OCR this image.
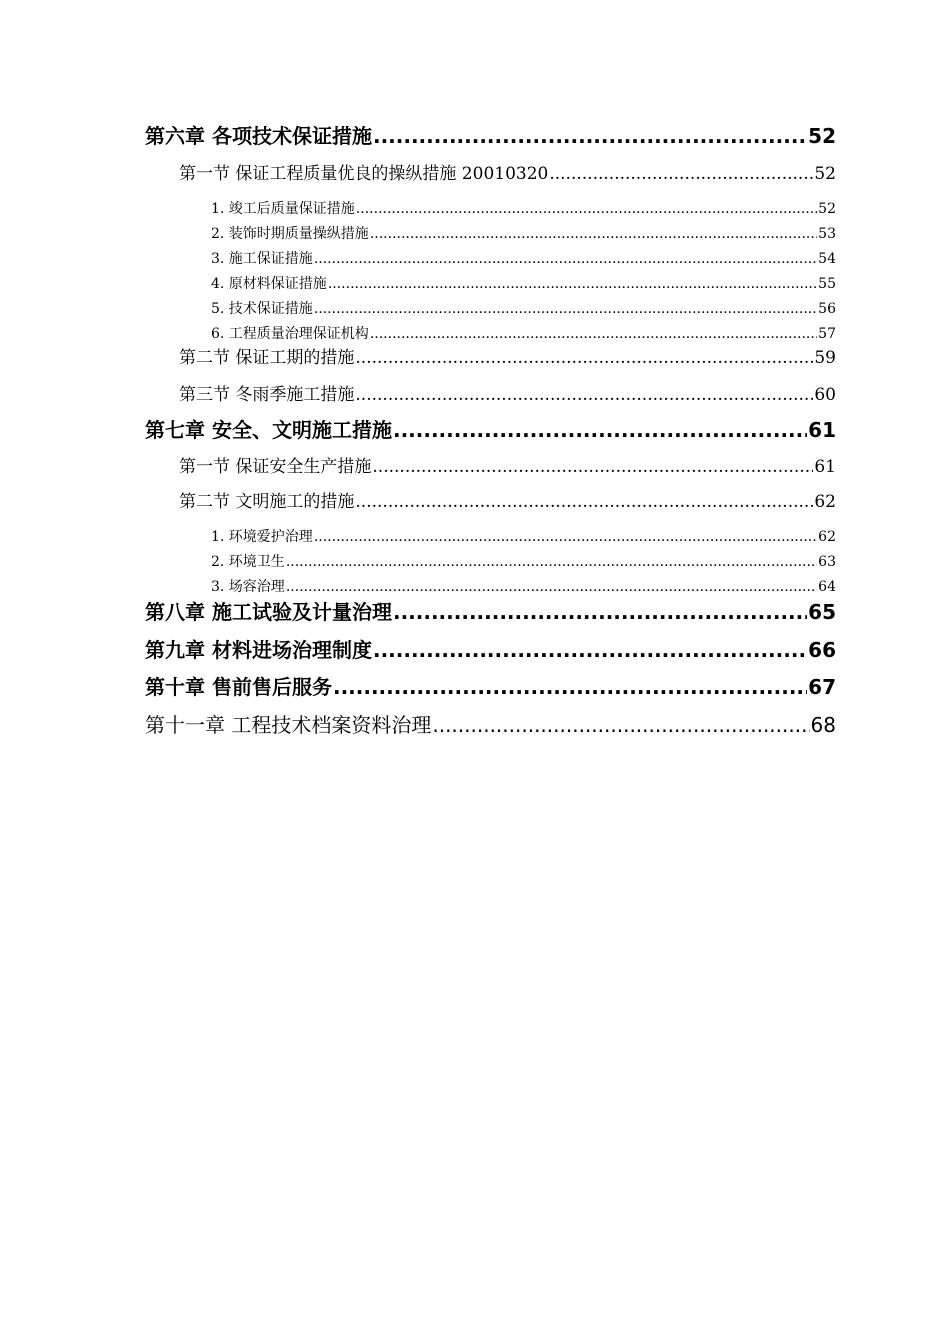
第六章 各项技术保证措施 .....	52
第一节 保证工程质量优良的操纵措施 20010320 .....	52
1. 竣工后质量保证措施 .....	52
2. 装饰时期质量操纵措施 .....	53
3. 施工保证措施 .....	54
4. 原材料保证措施 .....	55
5. 技术保证措施 .....	56
6. 工程质量治理保证机构 .....	57
第二节 保证工期的措施 .....	59
第三节 冬雨季施工措施 .....	60
第七章 安全、文明施工措施 .....	61
第一节 保证安全生产措施 .....	61
第二节 文明施工的措施 .....	62
1. 环境爱护治理 .....	62
2. 环境卫生 .....	63
3. 场容治理 .....	64
第八章 施工试验及计量治理 .....	65
第九章 材料进场治理制度 .....	66
第十章 售前售后服务 .....	67
第十一章 工程技术档案资料治理 .....	68
